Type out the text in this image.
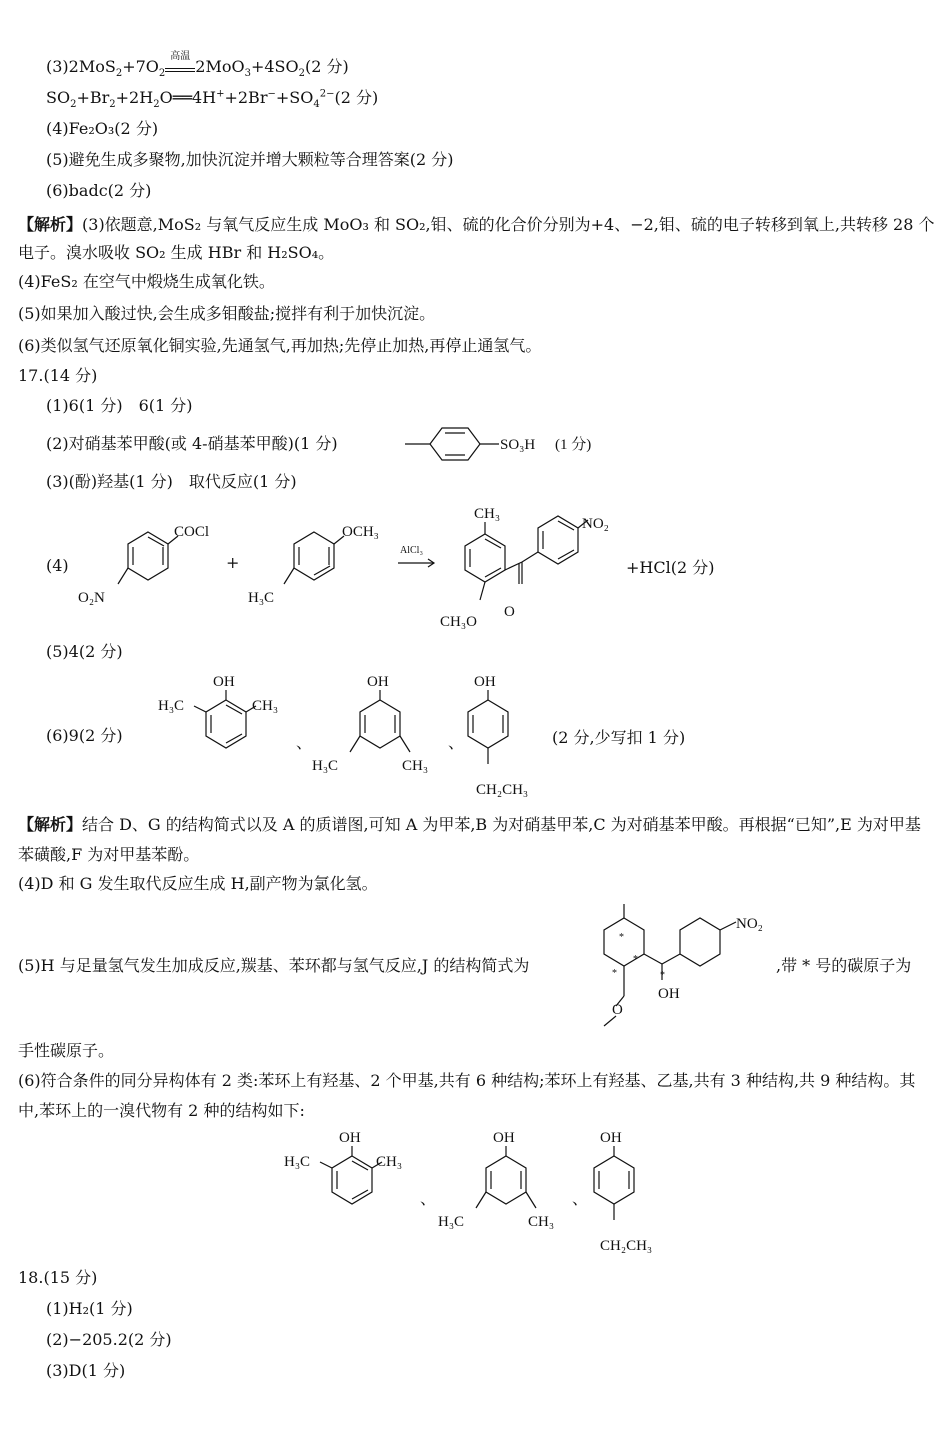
$(3)2MoS_2+7O_2$
高温
$2MoO_3+4SO_2(2$ 分)
$SO_2+Br_2+2H_2O══4H^++2Br^-+SO_4^{2-}(2$ 分)
(4)Fe₂O₃(2 分)
(5)避免生成多聚物,加快沉淀并增大颗粒等合理答案(2 分)
(6)badc(2 分)
【解析】(3)依题意,MoS₂ 与氧气反应生成 MoO₃ 和 SO₂,钼、硫的化合价分别为+4、−2,钼、硫的电子转移到氧上,共转移 28 个电子。溴水吸收 SO₂ 生成 HBr 和 H₂SO₄。
(4)FeS₂ 在空气中煅烧生成氧化铁。
(5)如果加入酸过快,会生成多钼酸盐;搅拌有利于加快沉淀。
(6)类似氢气还原氧化铜实验,先通氢气,再加热;先停止加热,再停止通氢气。
17.(14 分)
(1)6(1 分)　6(1 分)
(2)对硝基苯甲酸(或 4-硝基苯甲酸)(1 分)	SO₃H (1 分)
(3)(酚)羟基(1 分)　取代反应(1 分)
(4)
COCl
O₂N
+
OCH₃
H₃C
AlCl₃
CH₃
O
NO₂
CH₃O
+HCl(2 分)
(5)4(2 分)
(6)9(2 分)
OH
H₃C	CH₃
、
OH
H₃C	CH₃
、
OH
CH₂CH₃
(2 分,少写扣 1 分)
【解析】结合 D、G 的结构简式以及 A 的质谱图,可知 A 为甲苯,B 为对硝基甲苯,C 为对硝基苯甲酸。再根据“已知”,E 为对甲基苯磺酸,F 为对甲基苯酚。
(4)D 和 G 发生取代反应生成 H,副产物为氯化氢。
(5)H 与足量氢气发生加成反应,羰基、苯环都与氢气反应,J 的结构简式为
*
*
*	*
OH
NO₂
O
,带 * 号的碳原子为
手性碳原子。
(6)符合条件的同分异构体有 2 类:苯环上有羟基、2 个甲基,共有 6 种结构;苯环上有羟基、乙基,共有 3 种结构,共 9 种结构。其中,苯环上的一溴代物有 2 种的结构如下:
OH
H₃C	CH₃
、
OH
H₃C	CH₃
、
OH
CH₂CH₃
18.(15 分)
(1)H₂(1 分)
(2)−205.2(2 分)
(3)D(1 分)
